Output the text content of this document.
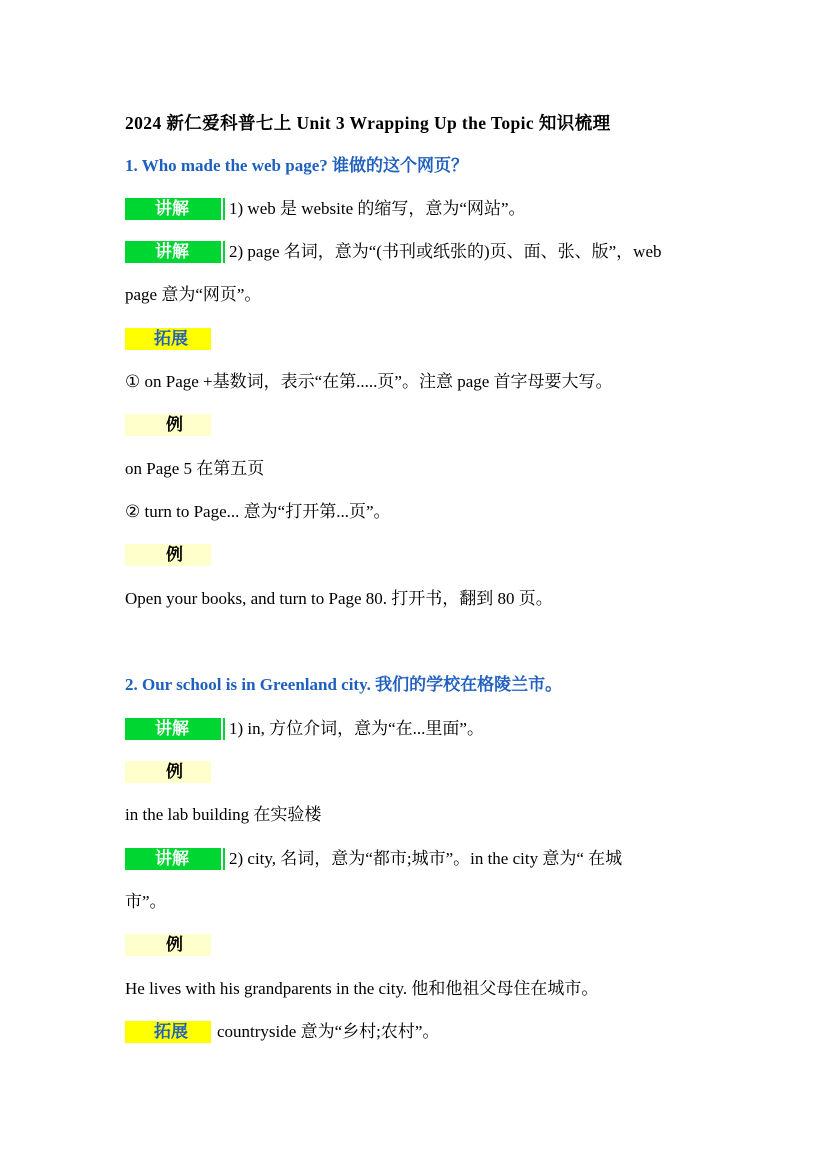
2024 新仁爱科普七上 Unit 3 Wrapping Up the Topic 知识梳理
1. Who made the web page? 谁做的这个网页？
讲解 1) web 是 website 的缩写，意为“网站”。
讲解 2) page 名词，意为“(书刊或纸张的)页、面、张、版”，web
page 意为“网页”。
拓展
① on Page +基数词，表示“在第.....页”。注意 page 首字母要大写。
例
on Page 5 在第五页
② turn to Page... 意为“打开第...页”。
例
Open your books, and turn to Page 80. 打开书，翻到 80 页。
2. Our school is in Greenland city. 我们的学校在格陵兰市。
讲解 1) in, 方位介词，意为“在...里面”。
例
in the lab building 在实验楼
讲解 2) city, 名词，意为“都市;城市”。in the city 意为“ 在城
市”。
例
He lives with his grandparents in the city. 他和他祖父母住在城市。
拓展 countryside 意为“乡村;农村”。
